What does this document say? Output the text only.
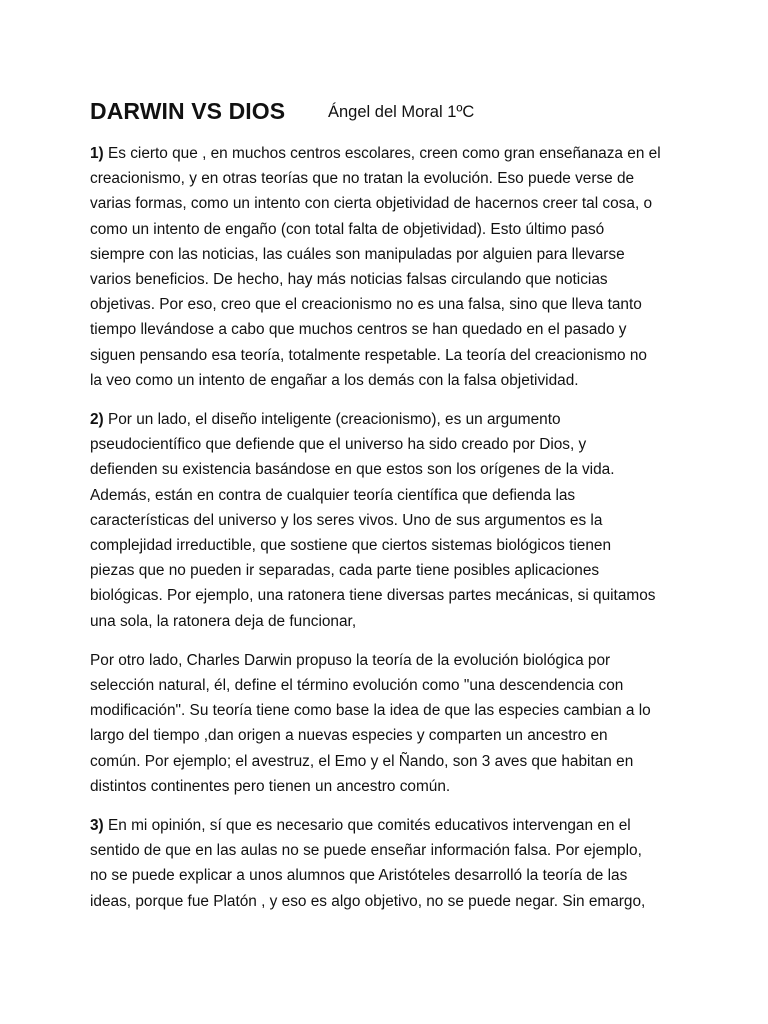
DARWIN VS DIOS	Ángel del Moral 1ºC

1) Es cierto que , en muchos centros escolares, creen como gran enseñanaza en el
creacionismo, y en otras teorías que no tratan la evolución. Eso puede verse de
varias formas, como un intento con cierta objetividad de hacernos creer tal cosa, o
como un intento de engaño (con total falta de objetividad). Esto último pasó
siempre con las noticias, las cuáles son manipuladas por alguien para llevarse
varios beneficios. De hecho, hay más noticias falsas circulando que noticias
objetivas. Por eso, creo que el creacionismo no es una falsa, sino que lleva tanto
tiempo llevándose a cabo que muchos centros se han quedado en el pasado y
siguen pensando esa teoría, totalmente respetable. La teoría del creacionismo no
la veo como un intento de engañar a los demás con la falsa objetividad.

2) Por un lado, el diseño inteligente (creacionismo), es un argumento
pseudocientífico que defiende que el universo ha sido creado por Dios, y
defienden su existencia basándose en que estos son los orígenes de la vida.
Además, están en contra de cualquier teoría científica que defienda las
características del universo y los seres vivos. Uno de sus argumentos es la
complejidad irreductible, que sostiene que ciertos sistemas biológicos tienen
piezas que no pueden ir separadas, cada parte tiene posibles aplicaciones
biológicas. Por ejemplo, una ratonera tiene diversas partes mecánicas, si quitamos
una sola, la ratonera deja de funcionar,

Por otro lado, Charles Darwin propuso la teoría de la evolución biológica por
selección natural, él, define el término evolución como "una descendencia con
modificación". Su teoría tiene como base la idea de que las especies cambian a lo
largo del tiempo ,dan origen a nuevas especies y comparten un ancestro en
común. Por ejemplo; el avestruz, el Emo y el Ñando, son 3 aves que habitan en
distintos continentes pero tienen un ancestro común.

3) En mi opinión, sí que es necesario que comités educativos intervengan en el
sentido de que en las aulas no se puede enseñar información falsa. Por ejemplo,
no se puede explicar a unos alumnos que Aristóteles desarrolló la teoría de las
ideas, porque fue Platón , y eso es algo objetivo, no se puede negar. Sin emargo,
